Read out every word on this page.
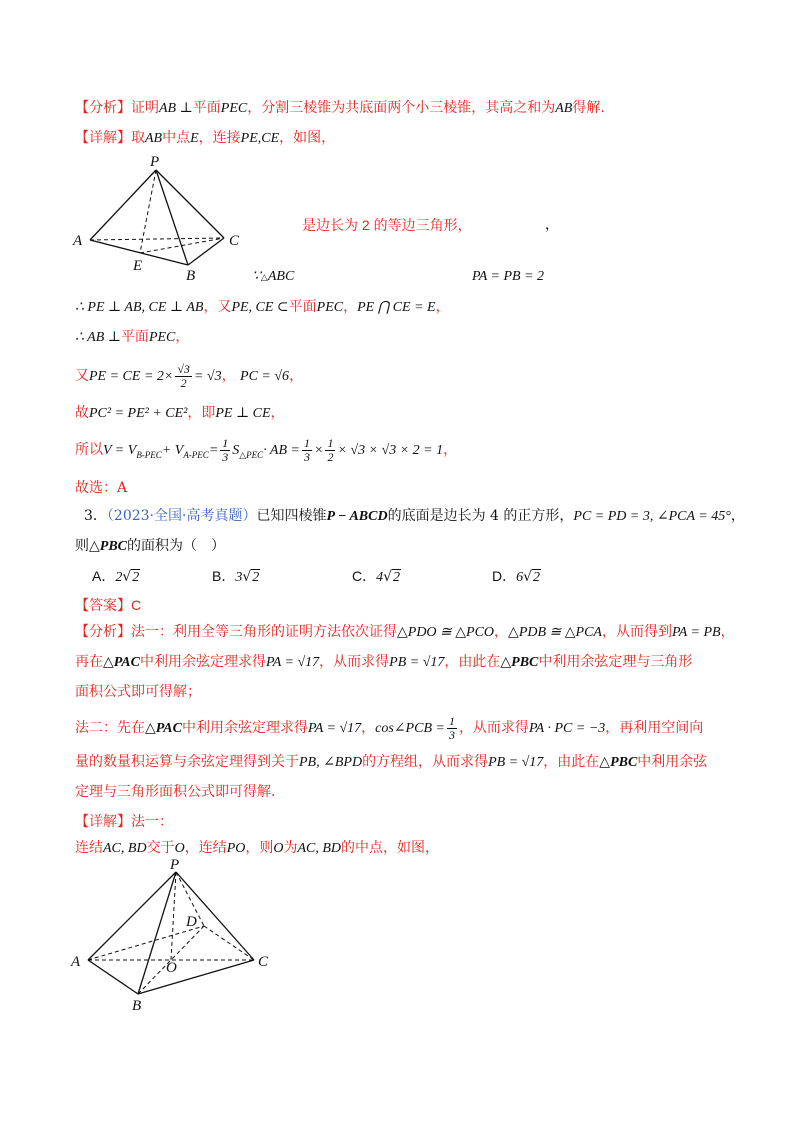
【分析】证明AB ⊥平面PEC，分割三棱锥为共底面两个小三棱锥，其高之和为AB得解.
【详解】取AB中点E，连接PE,CE，如图，
P
A
E
B
C
是边长为 2 的等边三角形，	，
∵△ABC	PA = PB = 2
∴ PE ⊥ AB, CE ⊥ AB，又PE, CE ⊂平面PEC，PE ⋂ CE = E，
∴ AB ⊥平面PEC，
又PE = CE = $2\times \frac{√3}{2} = √3$， PC = √6，
故PC² = PE² + CE²，即PE ⊥ CE，
所以$V = V_{B-PEC}+ V_{A-PEC}= \frac{1}{3} S_{\triangle PEC}\cdot$ AB = $\frac{1}{3} \times \frac{1}{2} \times √3 \times √3 \times 2 = 1$，
故选：A
3．（2023·全国·高考真题）已知四棱锥P − ABCD的底面是边长为 4 的正方形，PC = PD = 3, ∠PCA = 45°，
则△PBC的面积为（　）
A．2√2	B．3√2	C．4√2	D．6√2
【答案】C
【分析】法一：利用全等三角形的证明方法依次证得△PDO ≅ △PCO，△PDB ≅ △PCA，从而得到PA = PB，
再在△PAC中利用余弦定理求得PA = √17，从而求得PB = √17，由此在△PBC中利用余弦定理与三角形
面积公式即可得解；
法二：先在△PAC中利用余弦定理求得PA = √17，cos∠PCB = $\frac{1}{3}$ ，从而求得PA · PC = −3，再利用空间向
量的数量积运算与余弦定理得到关于PB, ∠BPD的方程组，从而求得PB = √17，由此在△PBC中利用余弦
定理与三角形面积公式即可得解.
【详解】法一：
连结AC, BD交于O，连结PO，则O为AC, BD的中点，如图，
P
A
D
O	C
B
